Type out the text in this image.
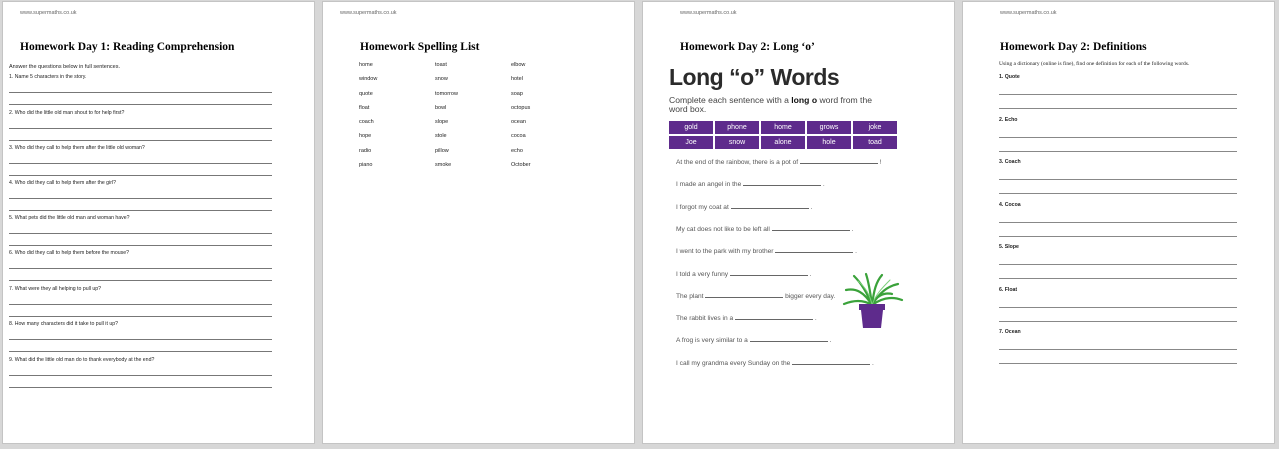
www.supermaths.co.uk
Homework Day 1: Reading Comprehension
Answer the questions below in full sentences.
1. Name 5 characters in the story.
2. Who did the little old man shout to for help first?
3. Who did they call to help them after the little old woman?
4. Who did they call to help them after the girl?
5. What pets did the little old man and woman have?
6. Who did they call to help them before the mouse?
7. What were they all helping to pull up?
8. How many characters did it take to pull it up?
9. What did the little old man do to thank everybody at the end?
www.supermaths.co.uk
Homework Spelling List
home	toast	elbow
window	snow	hotel
quote	tomorrow	soap
float	bowl	octopus
coach	slope	ocean
hope	stole	cocoa
radio	pillow	echo
piano	smoke	October
www.supermaths.co.uk
Homework Day 2: Long ‘o’
Long “o” Words
Complete each sentence with a long o word from the word box.
gold	phone	home	grows	joke
Joe	snow	alone	hole	toad
At the end of the rainbow, there is a pot of	!
I made an angel in the	.
I forgot my coat at	.
My cat does not like to be left all	.
I went to the park with my brother	.
I told a very funny	.
The plant	bigger every day.
The rabbit lives in a	.
A frog is very similar to a	.
I call my grandma every Sunday on the	.
www.supermaths.co.uk
Homework Day 2: Definitions
Using a dictionary (online is fine), find one definition for each of the following words.
1. Quote
2. Echo
3. Coach
4. Cocoa
5. Slope
6. Float
7. Ocean
